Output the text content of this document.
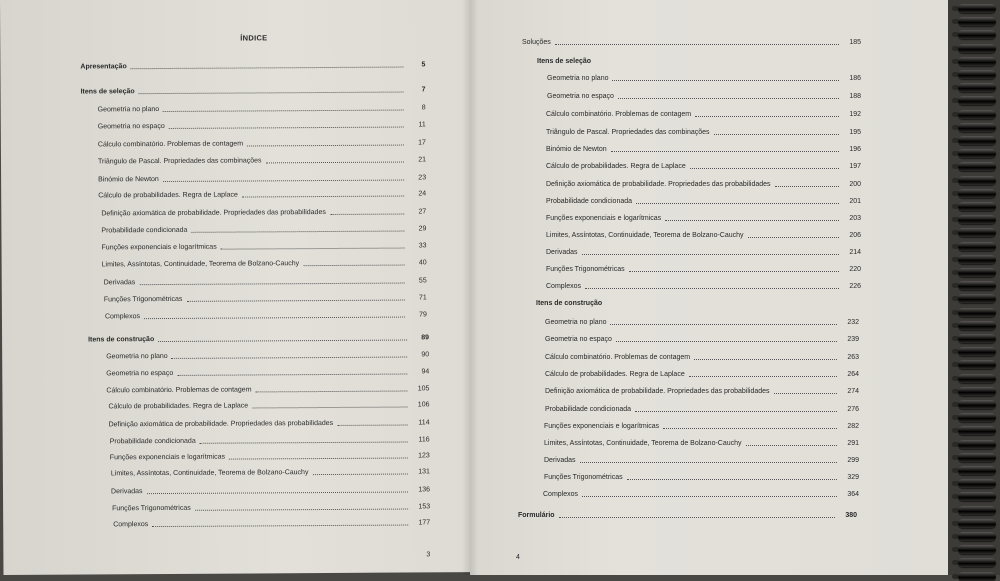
ÍNDICE
Apresentação	5
Itens de seleção	7
Geometria no plano	8
Geometria no espaço	11
Cálculo combinatório. Problemas de contagem	17
Triângulo de Pascal. Propriedades das combinações	21
Binómio de Newton	23
Cálculo de probabilidades. Regra de Laplace	24
Definição axiomática de probabilidade. Propriedades das probabilidades	27
Probabilidade condicionada	29
Funções exponenciais e logarítmicas	33
Limites, Assíntotas, Continuidade, Teorema de Bolzano-Cauchy	40
Derivadas	55
Funções Trigonométricas	71
Complexos	79
Itens de construção	89
Geometria no plano	90
Geometria no espaço	94
Cálculo combinatório. Problemas de contagem	105
Cálculo de probabilidades. Regra de Laplace	106
Definição axiomática de probabilidade. Propriedades das probabilidades	114
Probabilidade condicionada	116
Funções exponenciais e logarítmicas	123
Limites, Assíntotas, Continuidade, Teorema de Bolzano-Cauchy	131
Derivadas	136
Funções Trigonométricas	153
Complexos	177
3
Soluções	185
Itens de seleção
Geometria no plano	186
Geometria no espaço	188
Cálculo combinatório. Problemas de contagem	192
Triângulo de Pascal. Propriedades das combinações	195
Binómio de Newton	196
Cálculo de probabilidades. Regra de Laplace	197
Definição axiomática de probabilidade. Propriedades das probabilidades	200
Probabilidade condicionada	201
Funções exponenciais e logarítmicas	203
Limites, Assíntotas, Continuidade, Teorema de Bolzano-Cauchy	206
Derivadas	214
Funções Trigonométricas	220
Complexos	226
Itens de construção
Geometria no plano	232
Geometria no espaço	239
Cálculo combinatório. Problemas de contagem	263
Cálculo de probabilidades. Regra de Laplace	264
Definição axiomática de probabilidade. Propriedades das probabilidades	274
Probabilidade condicionada	276
Funções exponenciais e logarítmicas	282
Limites, Assíntotas, Continuidade, Teorema de Bolzano-Cauchy	291
Derivadas	299
Funções Trigonométricas	329
Complexos	364
Formulário	380
4
